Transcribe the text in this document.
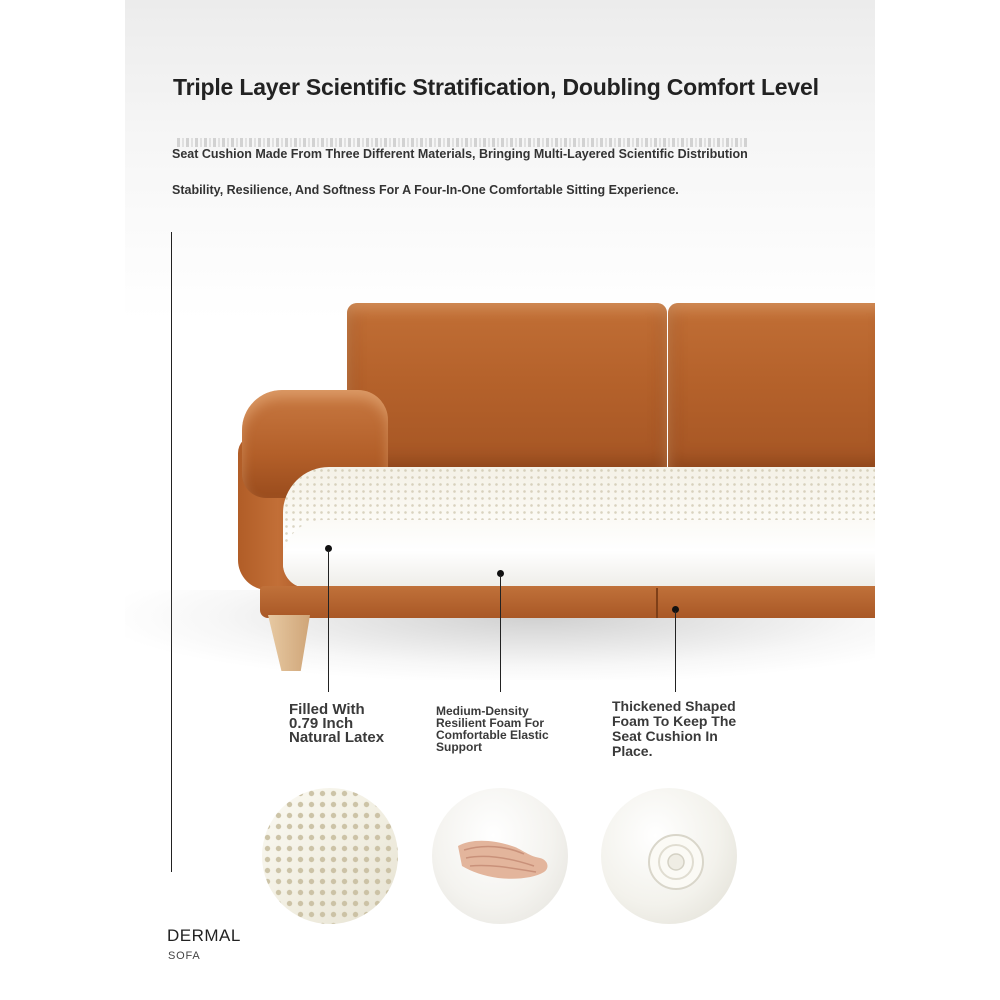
Triple Layer Scientific Stratification, Doubling Comfort Level
Seat Cushion Made From Three Different Materials, Bringing Multi-Layered Scientific Distribution
Stability, Resilience, And Softness For A Four-In-One Comfortable Sitting Experience.
Filled With 0.79 Inch Natural Latex
Medium-Density Resilient Foam For Comfortable Elastic Support
Thickened Shaped Foam To Keep The Seat Cushion In Place.
DERMAL
SOFA
